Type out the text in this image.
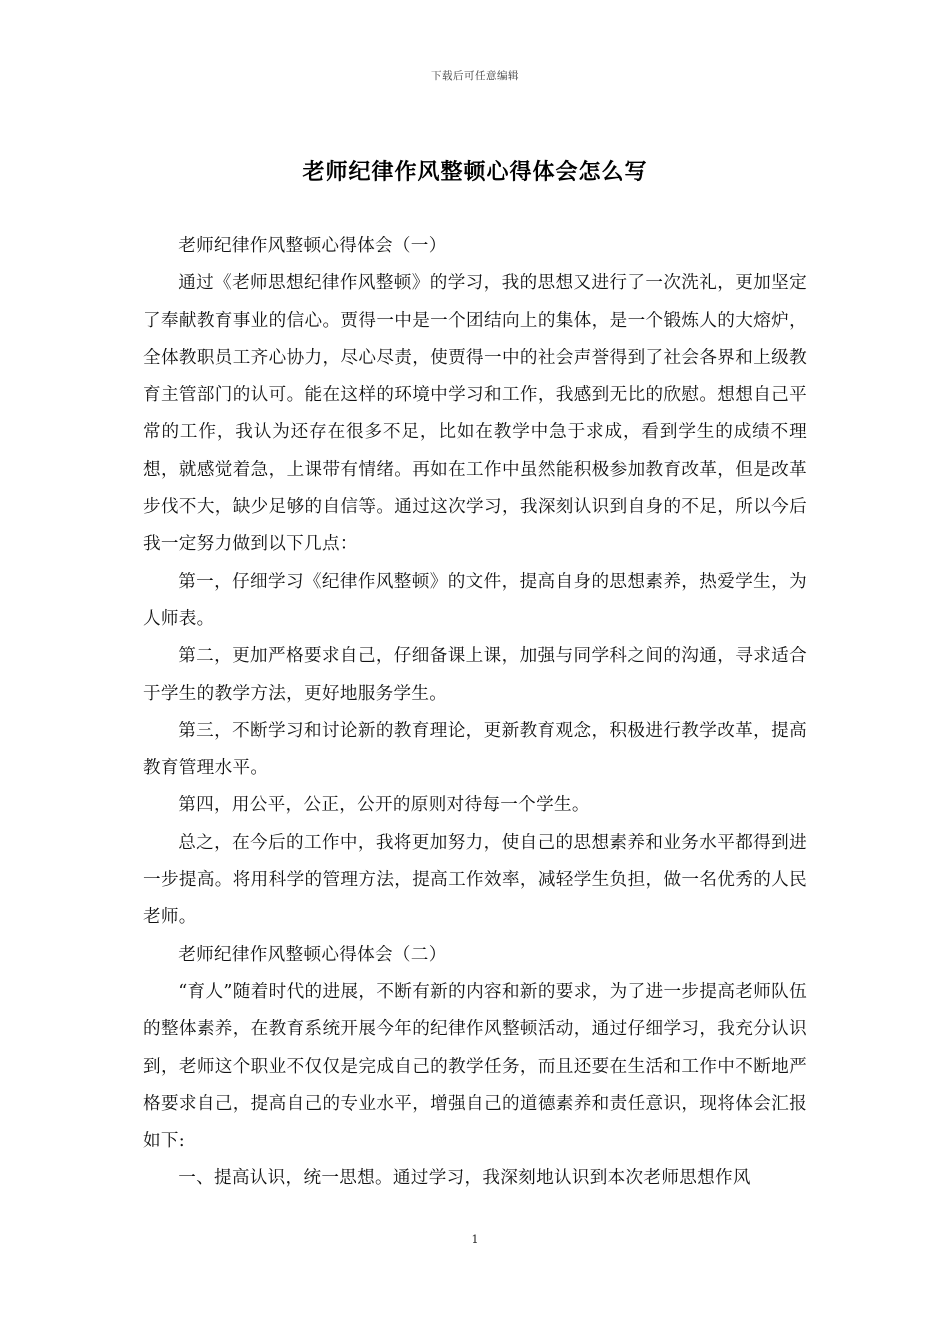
下载后可任意编辑
老师纪律作风整顿心得体会怎么写

老师纪律作风整顿心得体会（一）

通过《老师思想纪律作风整顿》的学习，我的思想又进行了一次洗礼，更加坚定了奉献教育事业的信心。贾得一中是一个团结向上的集体，是一个锻炼人的大熔炉，全体教职员工齐心协力，尽心尽责，使贾得一中的社会声誉得到了社会各界和上级教育主管部门的认可。能在这样的环境中学习和工作，我感到无比的欣慰。想想自己平常的工作，我认为还存在很多不足，比如在教学中急于求成，看到学生的成绩不理想，就感觉着急，上课带有情绪。再如在工作中虽然能积极参加教育改革，但是改革步伐不大，缺少足够的自信等。通过这次学习，我深刻认识到自身的不足，所以今后我一定努力做到以下几点：

第一，仔细学习《纪律作风整顿》的文件，提高自身的思想素养，热爱学生，为人师表。

第二，更加严格要求自己，仔细备课上课，加强与同学科之间的沟通，寻求适合于学生的教学方法，更好地服务学生。

第三，不断学习和讨论新的教育理论，更新教育观念，积极进行教学改革，提高教育管理水平。

第四，用公平，公正，公开的原则对待每一个学生。

总之，在今后的工作中，我将更加努力，使自己的思想素养和业务水平都得到进一步提高。将用科学的管理方法，提高工作效率，减轻学生负担，做一名优秀的人民老师。

老师纪律作风整顿心得体会（二）

“育人”随着时代的进展，不断有新的内容和新的要求，为了进一步提高老师队伍的整体素养，在教育系统开展今年的纪律作风整顿活动，通过仔细学习，我充分认识到，老师这个职业不仅仅是完成自己的教学任务，而且还要在生活和工作中不断地严格要求自己，提高自己的专业水平，增强自己的道德素养和责任意识，现将体会汇报如下:

一、提高认识，统一思想。通过学习，我深刻地认识到本次老师思想作风

1
